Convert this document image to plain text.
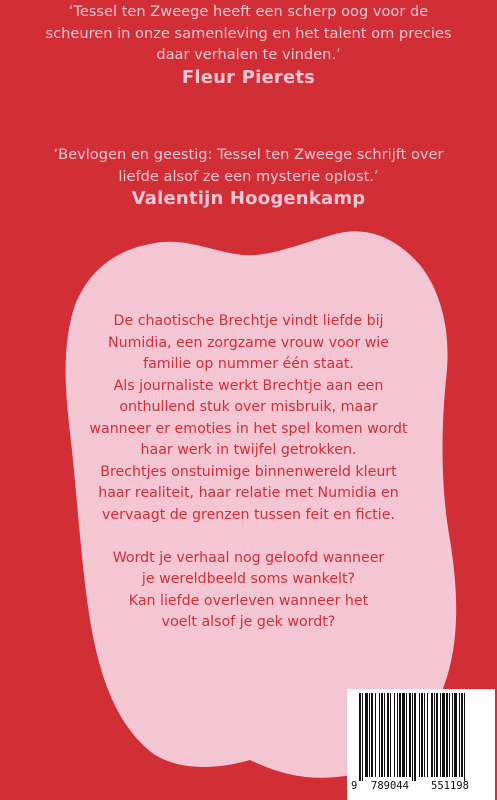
‘Tessel ten Zweege heeft een scherp oog voor de
scheuren in onze samenleving en het talent om precies
daar verhalen te vinden.’
Fleur Pierets
‘Bevlogen en geestig: Tessel ten Zweege schrijft over
liefde alsof ze een mysterie oplost.’
Valentijn Hoogenkamp
De chaotische Brechtje vindt liefde bij
Numidia, een zorgzame vrouw voor wie
familie op nummer één staat.
Als journaliste werkt Brechtje aan een
onthullend stuk over misbruik, maar
wanneer er emoties in het spel komen wordt
haar werk in twijfel getrokken.
Brechtjes onstuimige binnenwereld kleurt
haar realiteit, haar relatie met Numidia en
vervaagt de grenzen tussen feit en fictie.
Wordt je verhaal nog geloofd wanneer
je wereldbeeld soms wankelt?
Kan liefde overleven wanneer het
voelt alsof je gek wordt?
9 789044 551198
